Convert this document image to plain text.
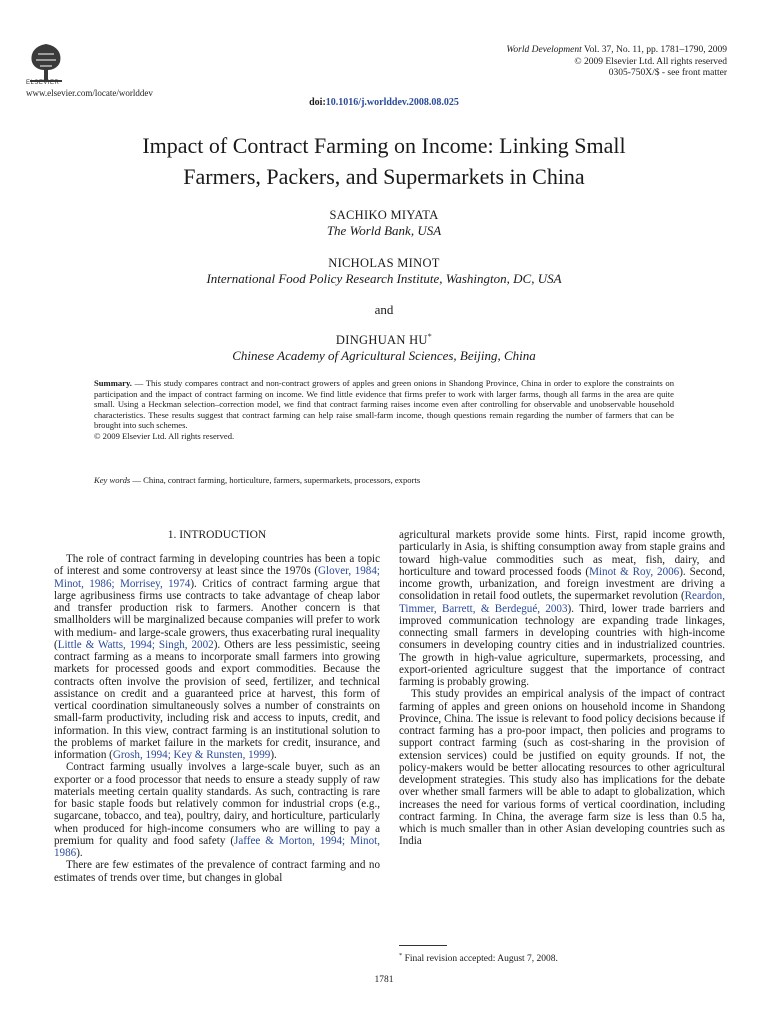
ELSEVIER
www.elsevier.com/locate/worlddev
World Development Vol. 37, No. 11, pp. 1781–1790, 2009
© 2009 Elsevier Ltd. All rights reserved
0305-750X/$ - see front matter
doi:10.1016/j.worlddev.2008.08.025
Impact of Contract Farming on Income: Linking Small
Farmers, Packers, and Supermarkets in China
SACHIKO MIYATA
The World Bank, USA
NICHOLAS MINOT
International Food Policy Research Institute, Washington, DC, USA
and
DINGHUAN HU*
Chinese Academy of Agricultural Sciences, Beijing, China
Summary. — This study compares contract and non-contract growers of apples and green onions in Shandong Province, China in order to explore the constraints on participation and the impact of contract farming on income. We find little evidence that firms prefer to work with larger farms, though all farms in the area are quite small. Using a Heckman selection–correction model, we find that contract farming raises income even after controlling for observable and unobservable household characteristics. These results suggest that contract farming can help raise small-farm income, though questions remain regarding the number of farmers that can be brought into such schemes.
© 2009 Elsevier Ltd. All rights reserved.
Key words — China, contract farming, horticulture, farmers, supermarkets, processors, exports
1. INTRODUCTION

The role of contract farming in developing countries has been a topic of interest and some controversy at least since the 1970s (Glover, 1984; Minot, 1986; Morrisey, 1974). Critics of contract farming argue that large agribusiness firms use contracts to take advantage of cheap labor and transfer production risk to farmers. Another concern is that smallholders will be marginalized because companies will prefer to work with medium- and large-scale growers, thus exacerbating rural inequality (Little & Watts, 1994; Singh, 2002). Others are less pessimistic, seeing contract farming as a means to incorporate small farmers into growing markets for processed goods and export commodities. Because the contracts often involve the provision of seed, fertilizer, and technical assistance on credit and a guaranteed price at harvest, this form of vertical coordination simultaneously solves a number of constraints on small-farm productivity, including risk and access to inputs, credit, and information. In this view, contract farming is an institutional solution to the problems of market failure in the markets for credit, insurance, and information (Grosh, 1994; Key & Runsten, 1999).

Contract farming usually involves a large-scale buyer, such as an exporter or a food processor that needs to ensure a steady supply of raw materials meeting certain quality standards. As such, contracting is rare for basic staple foods but relatively common for industrial crops (e.g., sugarcane, tobacco, and tea), poultry, dairy, and horticulture, particularly when produced for high-income consumers who are willing to pay a premium for quality and food safety (Jaffee & Morton, 1994; Minot, 1986).

There are few estimates of the prevalence of contract farming and no estimates of trends over time, but changes in global

agricultural markets provide some hints. First, rapid income growth, particularly in Asia, is shifting consumption away from staple grains and toward high-value commodities such as meat, fish, dairy, and horticulture and toward processed foods (Minot & Roy, 2006). Second, income growth, urbanization, and foreign investment are driving a consolidation in retail food outlets, the supermarket revolution (Reardon, Timmer, Barrett, & Berdegué, 2003). Third, lower trade barriers and improved communication technology are expanding trade linkages, connecting small farmers in developing countries with high-income consumers in developing country cities and in industrialized countries. The growth in high-value agriculture, supermarkets, processing, and export-oriented agriculture suggest that the importance of contract farming is probably growing.

This study provides an empirical analysis of the impact of contract farming of apples and green onions on household income in Shandong Province, China. The issue is relevant to food policy decisions because if contract farming has a pro-poor impact, then policies and programs to support contract farming (such as cost-sharing in the provision of extension services) could be justified on equity grounds. If not, the policy-makers would be better allocating resources to other agricultural development strategies. This study also has implications for the debate over whether small farmers will be able to adapt to globalization, which increases the need for various forms of vertical coordination, including contract farming. In China, the average farm size is less than 0.5 ha, which is much smaller than in other Asian developing countries such as India

* Final revision accepted: August 7, 2008.
1781
